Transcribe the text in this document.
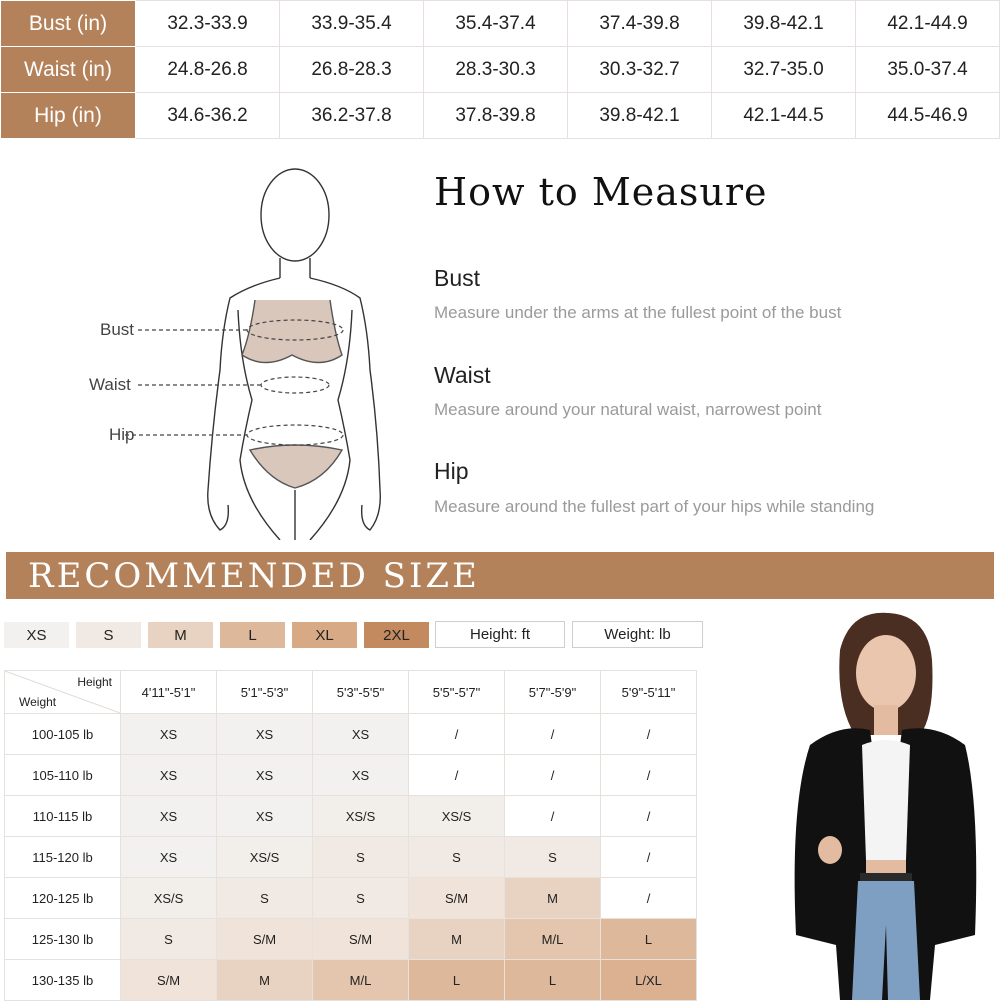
Bust (in)	32.3-33.9	33.9-35.4	35.4-37.4	37.4-39.8	39.8-42.1	42.1-44.9
Waist (in)	24.8-26.8	26.8-28.3	28.3-30.3	30.3-32.7	32.7-35.0	35.0-37.4
Hip (in)	34.6-36.2	36.2-37.8	37.8-39.8	39.8-42.1	42.1-44.5	44.5-46.9
Bust
Waist
Hip
How to Measure
Bust
Measure under the arms at the fullest point of the bust
Waist
Measure around your natural waist, narrowest point
Hip
Measure around the fullest part of your hips while standing
RECOMMENDED SIZE
XS	S	M	L	XL	2XL	Height: ft	Weight: lb
Height
Weight	4'11"-5'1"	5'1"-5'3"	5'3"-5'5"	5'5"-5'7"	5'7"-5'9"	5'9"-5'11"
100-105 lb	XS	XS	XS	/	/	/
105-110 lb	XS	XS	XS	/	/	/
110-115 lb	XS	XS	XS/S	XS/S	/	/
115-120 lb	XS	XS/S	S	S	S	/
120-125 lb	XS/S	S	S	S/M	M	/
125-130 lb	S	S/M	S/M	M	M/L	L
130-135 lb	S/M	M	M/L	L	L	L/XL
